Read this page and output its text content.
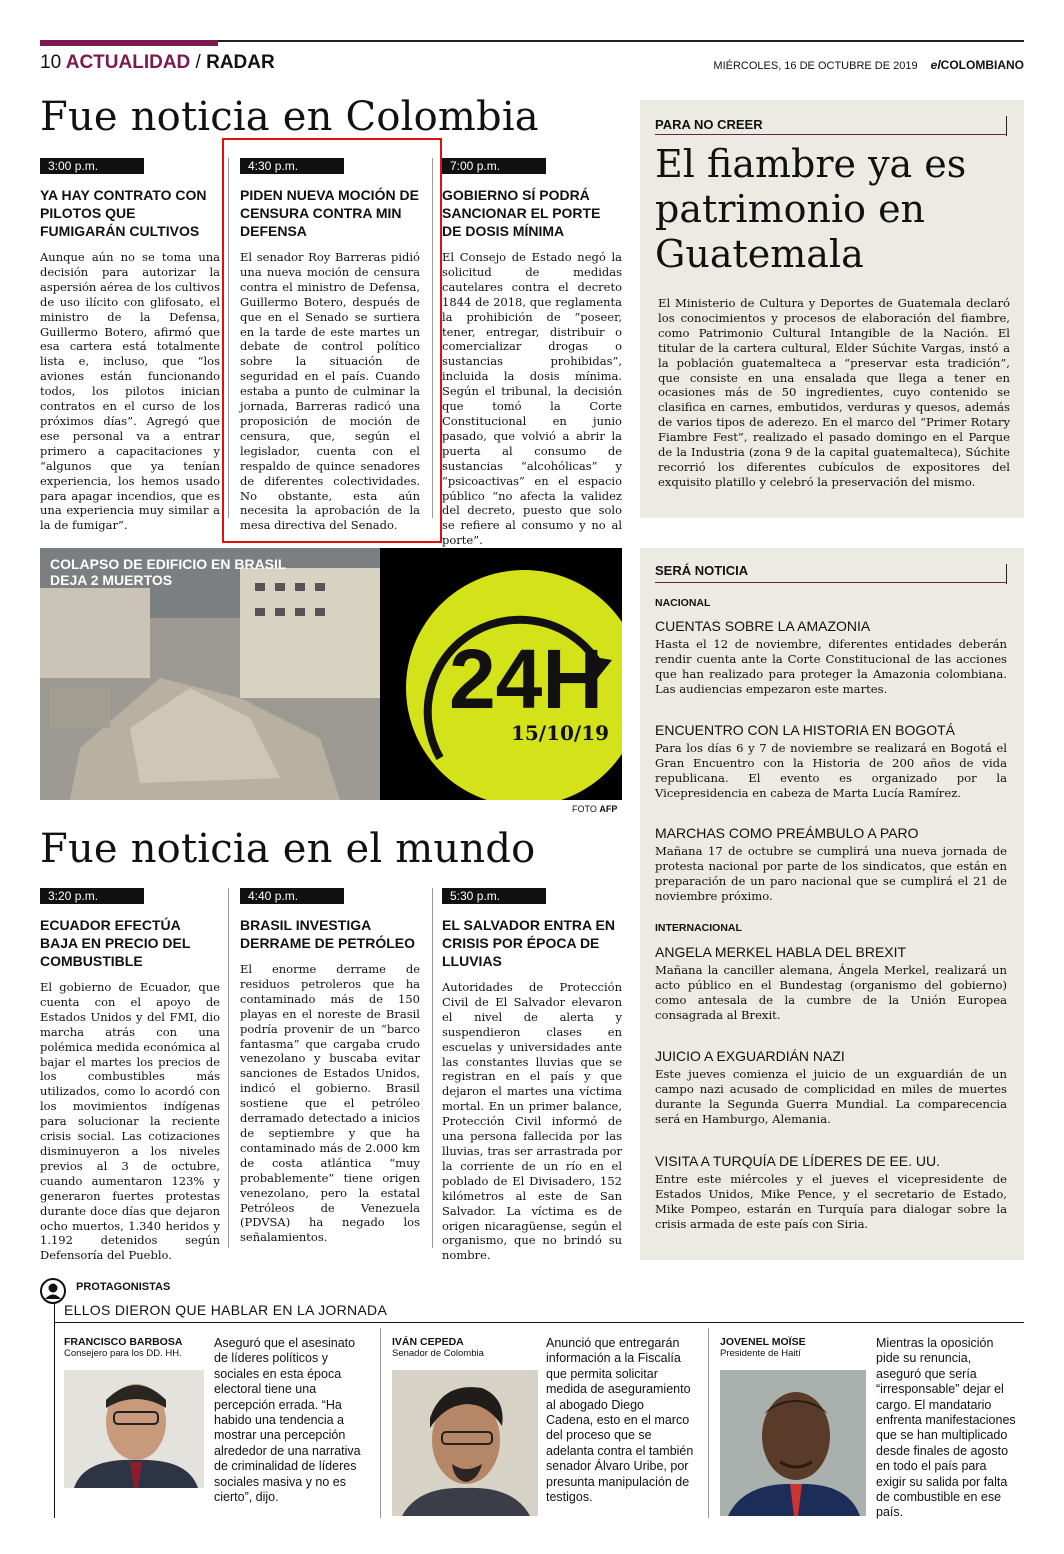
10 ACTUALIDAD / RADAR	MIÉRCOLES, 16 DE OCTUBRE DE 2019 elCOLOMBIANO
Fue noticia en Colombia
3:00 p.m.
YA HAY CONTRATO CON PILOTOS QUE FUMIGARÁN CULTIVOS
Aunque aún no se toma una decisión para autorizar la aspersión aérea de los cultivos de uso ilícito con glifosato, el ministro de la Defensa, Guillermo Botero, afirmó que esa cartera está totalmente lista e, incluso, que “los aviones están funcionando todos, los pilotos inician contratos en el curso de los próximos días”. Agregó que ese personal va a entrar primero a capacitaciones y “algunos que ya tenían experiencia, los hemos usado para apagar incendios, que es una experiencia muy similar a la de fumigar”.
4:30 p.m.
PIDEN NUEVA MOCIÓN DE CENSURA CONTRA MIN DEFENSA
El senador Roy Barreras pidió una nueva moción de censura contra el ministro de Defensa, Guillermo Botero, después de que en el Senado se surtiera en la tarde de este martes un debate de control político sobre la situación de seguridad en el país. Cuando estaba a punto de culminar la jornada, Barreras radicó una proposición de moción de censura, que, según el legislador, cuenta con el respaldo de quince senadores de diferentes colectividades. No obstante, esta aún necesita la aprobación de la mesa directiva del Senado.
7:00 p.m.
GOBIERNO SÍ PODRÁ SANCIONAR EL PORTE DE DOSIS MÍNIMA
El Consejo de Estado negó la solicitud de medidas cautelares contra el decreto 1844 de 2018, que reglamenta la prohibición de “poseer, tener, entregar, distribuir o comercializar drogas o sustancias prohibidas”, incluida la dosis mínima. Según el tribunal, la decisión que tomó la Corte Constitucional en junio pasado, que volvió a abrir la puerta al consumo de sustancias “alcohólicas” y “psicoactivas” en el espacio público “no afecta la validez del decreto, puesto que solo se refiere al consumo y no al porte”.
PARA NO CREER
El fiambre ya es patrimonio en Guatemala
El Ministerio de Cultura y Deportes de Guatemala declaró los conocimientos y procesos de elaboración del fiambre, como Patrimonio Cultural Intangible de la Nación. El titular de la cartera cultural, Elder Súchite Vargas, instó a la población guatemalteca a “preservar esta tradición”, que consiste en una ensalada que llega a tener en ocasiones más de 50 ingredientes, cuyo contenido se clasifica en carnes, embutidos, verduras y quesos, además de varios tipos de aderezo. En el marco del “Primer Rotary Fiambre Fest”, realizado el pasado domingo en el Parque de la Industria (zona 9 de la capital guatemalteca), Súchite recorrió los diferentes cubículos de expositores del exquisito platillo y celebró la preservación del mismo.
24H
15/10/19
COLAPSO DE EDIFICIO EN BRASIL DEJA 2 MUERTOS
FOTO AFP
Fue noticia en el mundo
3:20 p.m.
ECUADOR EFECTÚA BAJA EN PRECIO DEL COMBUSTIBLE
El gobierno de Ecuador, que cuenta con el apoyo de Estados Unidos y del FMI, dio marcha atrás con una polémica medida económica al bajar el martes los precios de los combustibles más utilizados, como lo acordó con los movimientos indígenas para solucionar la reciente crisis social. Las cotizaciones disminuyeron a los niveles previos al 3 de octubre, cuando aumentaron 123% y generaron fuertes protestas durante doce días que dejaron ocho muertos, 1.340 heridos y 1.192 detenidos según Defensoría del Pueblo.
4:40 p.m.
BRASIL INVESTIGA DERRAME DE PETRÓLEO
El enorme derrame de residuos petroleros que ha contaminado más de 150 playas en el noreste de Brasil podría provenir de un “barco fantasma” que cargaba crudo venezolano y buscaba evitar sanciones de Estados Unidos, indicó el gobierno. Brasil sostiene que el petróleo derramado detectado a inicios de septiembre y que ha contaminado más de 2.000 km de costa atlántica “muy probablemente” tiene origen venezolano, pero la estatal Petróleos de Venezuela (PDVSA) ha negado los señalamientos.
5:30 p.m.
EL SALVADOR ENTRA EN CRISIS POR ÉPOCA DE LLUVIAS
Autoridades de Protección Civil de El Salvador elevaron el nivel de alerta y suspendieron clases en escuelas y universidades ante las constantes lluvias que se registran en el país y que dejaron el martes una víctima mortal. En un primer balance, Protección Civil informó de una persona fallecida por las lluvias, tras ser arrastrada por la corriente de un río en el poblado de El Divisadero, 152 kilómetros al este de San Salvador. La víctima es de origen nicaragüense, según el organismo, que no brindó su nombre.
SERÁ NOTICIA
NACIONAL
CUENTAS SOBRE LA AMAZONIA
Hasta el 12 de noviembre, diferentes entidades deberán rendir cuenta ante la Corte Constitucional de las acciones que han realizado para proteger la Amazonia colombiana. Las audiencias empezaron este martes.
ENCUENTRO CON LA HISTORIA EN BOGOTÁ
Para los días 6 y 7 de noviembre se realizará en Bogotá el Gran Encuentro con la Historia de 200 años de vida republicana. El evento es organizado por la Vicepresidencia en cabeza de Marta Lucía Ramírez.
MARCHAS COMO PREÁMBULO A PARO
Mañana 17 de octubre se cumplirá una nueva jornada de protesta nacional por parte de los sindicatos, que están en preparación de un paro nacional que se cumplirá el 21 de noviembre próximo.
INTERNACIONAL
ANGELA MERKEL HABLA DEL BREXIT
Mañana la canciller alemana, Ángela Merkel, realizará un acto público en el Bundestag (organismo del gobierno) como antesala de la cumbre de la Unión Europea consagrada al Brexit.
JUICIO A EXGUARDIÁN NAZI
Este jueves comienza el juicio de un exguardián de un campo nazi acusado de complicidad en miles de muertes durante la Segunda Guerra Mundial. La comparecencia será en Hamburgo, Alemania.
VISITA A TURQUÍA DE LÍDERES DE EE. UU.
Entre este miércoles y el jueves el vicepresidente de Estados Unidos, Mike Pence, y el secretario de Estado, Mike Pompeo, estarán en Turquía para dialogar sobre la crisis armada de este país con Siria.
PROTAGONISTAS
ELLOS DIERON QUE HABLAR EN LA JORNADA
FRANCISCO BARBOSA
Consejero para los DD. HH.
Aseguró que el asesinato de líderes políticos y sociales en esta época electoral tiene una percepción errada. “Ha habido una tendencia a mostrar una percepción alrededor de una narrativa de criminalidad de líderes sociales masiva y no es cierto”, dijo.
IVÁN CEPEDA
Senador de Colombia
Anunció que entregarán información a la Fiscalía que permita solicitar medida de aseguramiento al abogado Diego Cadena, esto en el marco del proceso que se adelanta contra el también senador Álvaro Uribe, por presunta manipulación de testigos.
JOVENEL MOÏSE
Presidente de Haití
Mientras la oposición pide su renuncia, aseguró que sería “irresponsable” dejar el cargo. El mandatario enfrenta manifestaciones que se han multiplicado desde finales de agosto en todo el país para exigir su salida por falta de combustible en ese país.
